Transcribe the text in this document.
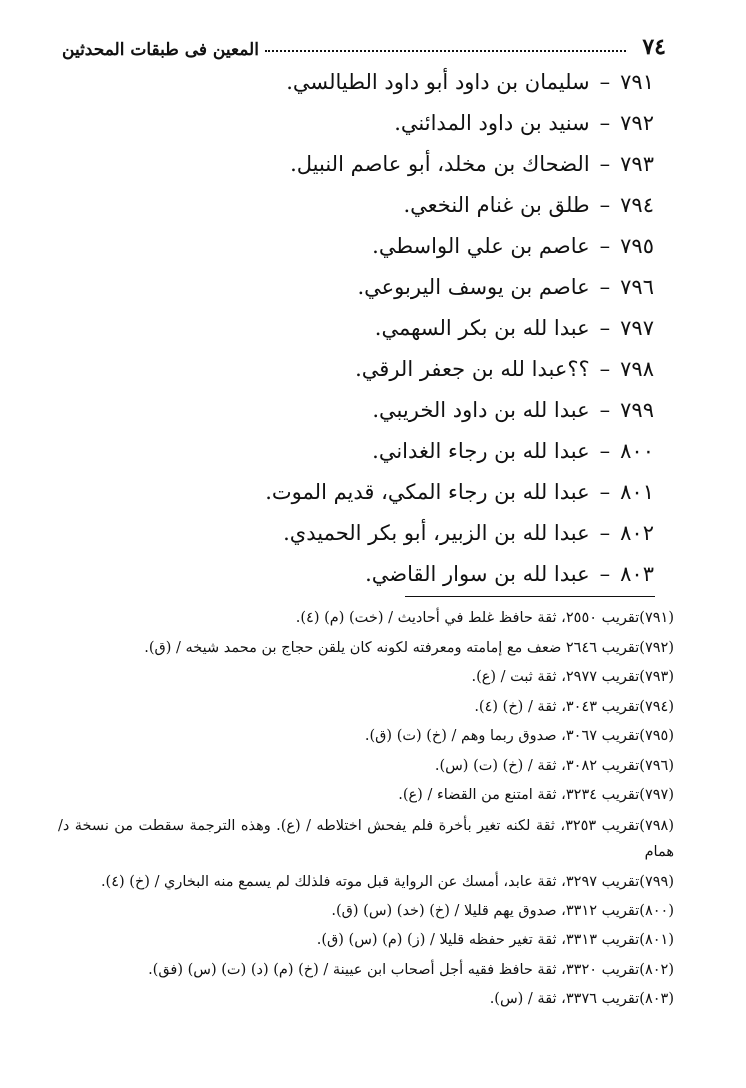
٧٤
المعين فى طبقات المحدثين
٧٩١–سليمان بن داود أبو داود الطيالسي.
٧٩٢–سنيد بن داود المدائني.
٧٩٣–الضحاك بن مخلد، أبو عاصم النبيل.
٧٩٤–طلق بن غنام النخعي.
٧٩٥–عاصم بن علي الواسطي.
٧٩٦–عاصم بن يوسف اليربوعي.
٧٩٧–عبدا لله بن بكر السهمي.
٧٩٨–؟؟عبدا لله بن جعفر الرقي.
٧٩٩–عبدا لله بن داود الخريبي.
٨٠٠–عبدا لله بن رجاء الغداني.
٨٠١–عبدا لله بن رجاء المكي، قديم الموت.
٨٠٢–عبدا لله بن الزبير، أبو بكر الحميدي.
٨٠٣–عبدا لله بن سوار القاضي.
(٧٩١)تقريب ٢٥٥٠، ثقة حافظ غلط في أحاديث / (خت) (م) (٤).
(٧٩٢)تقريب ٢٦٤٦ ضعف مع إمامته ومعرفته لكونه كان يلقن حجاج بن محمد شيخه / (ق).
(٧٩٣)تقريب ٢٩٧٧، ثقة ثبت / (ع).
(٧٩٤)تقريب ٣٠٤٣، ثقة / (خ) (٤).
(٧٩٥)تقريب ٣٠٦٧، صدوق ربما وهم / (خ) (ت) (ق).
(٧٩٦)تقريب ٣٠٨٢، ثقة / (خ) (ت) (س).
(٧٩٧)تقريب ٣٢٣٤، ثقة امتنع من القضاء / (ع).
(٧٩٨)تقريب ٣٢٥٣، ثقة لكنه تغير بأخرة فلم يفحش اختلاطه / (ع). وهذه الترجمة سقطت من نسخة د/همام
(٧٩٩)تقريب ٣٢٩٧، ثقة عابد، أمسك عن الرواية قبل موته فلذلك لم يسمع منه البخاري / (خ) (٤).
(٨٠٠)تقريب ٣٣١٢، صدوق يهم قليلا / (خ) (خد) (س) (ق).
(٨٠١)تقريب ٣٣١٣، ثقة تغير حفظه قليلا / (ز) (م) (س) (ق).
(٨٠٢)تقريب ٣٣٢٠، ثقة حافظ فقيه أجل أصحاب ابن عيينة / (خ) (م) (د) (ت) (س) (فق).
(٨٠٣)تقريب ٣٣٧٦، ثقة / (س).
